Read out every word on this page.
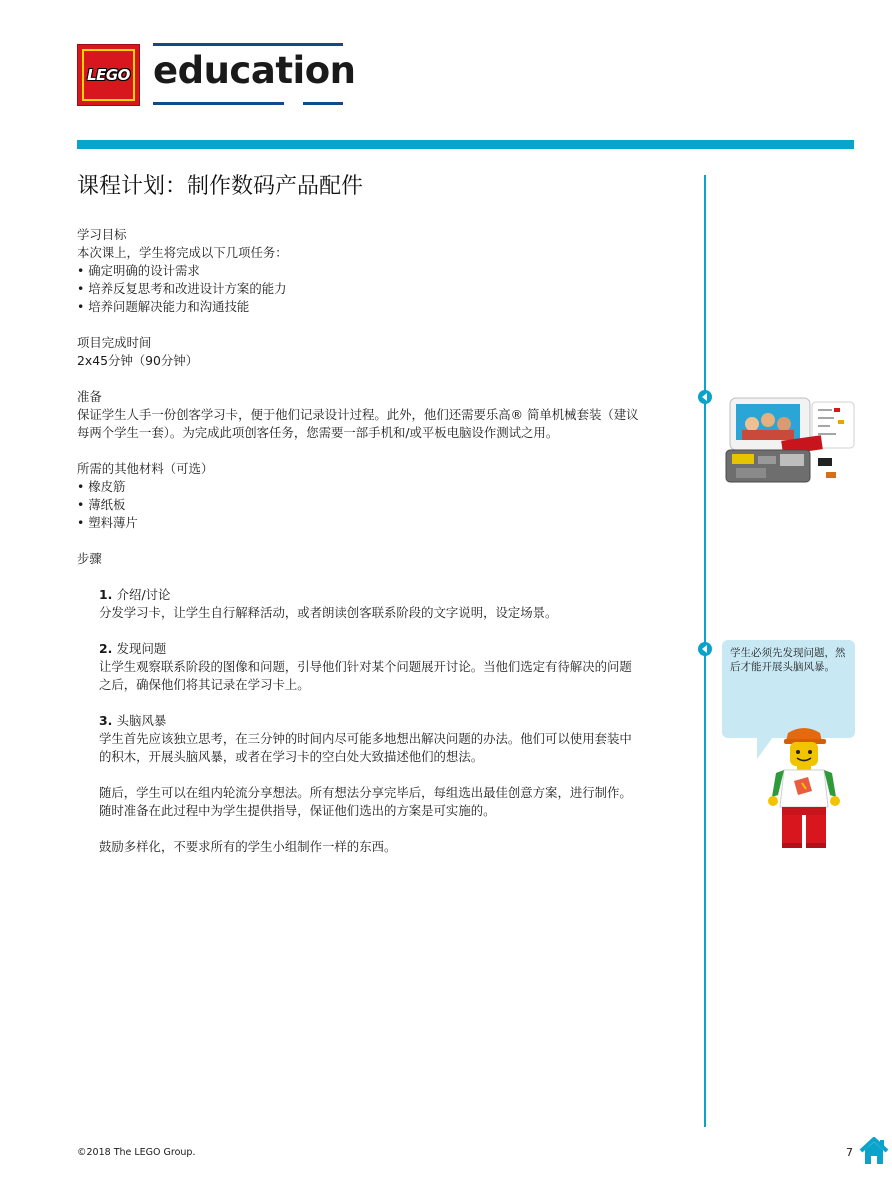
LEGO education
课程计划：制作数码产品配件

学习目标

本次课上，学生将完成以下几项任务：

• 确定明确的设计需求

• 培养反复思考和改进设计方案的能力

• 培养问题解决能力和沟通技能

项目完成时间

2x45分钟（90分钟）

准备

保证学生人手一份创客学习卡，便于他们记录设计过程。此外，他们还需要乐高® 简单机械套装（建议

每两个学生一套）。为完成此项创客任务，您需要一部手机和/或平板电脑设作测试之用。

所需的其他材料（可选）

• 橡皮筋

• 薄纸板

• 塑料薄片

步骤

1. 介绍/讨论

分发学习卡，让学生自行解释活动，或者朗读创客联系阶段的文字说明，设定场景。

2. 发现问题

让学生观察联系阶段的图像和问题，引导他们针对某个问题展开讨论。当他们选定有待解决的问题

之后，确保他们将其记录在学习卡上。

3. 头脑风暴

学生首先应该独立思考，在三分钟的时间内尽可能多地想出解决问题的办法。他们可以使用套装中

的积木，开展头脑风暴，或者在学习卡的空白处大致描述他们的想法。

随后，学生可以在组内轮流分享想法。所有想法分享完毕后，每组选出最佳创意方案，进行制作。

随时准备在此过程中为学生提供指导，保证他们选出的方案是可实施的。

鼓励多样化，不要求所有的学生小组制作一样的东西。

学生必须先发现问题，然后才能开展头脑风暴。
©2018 The LEGO Group.	7
